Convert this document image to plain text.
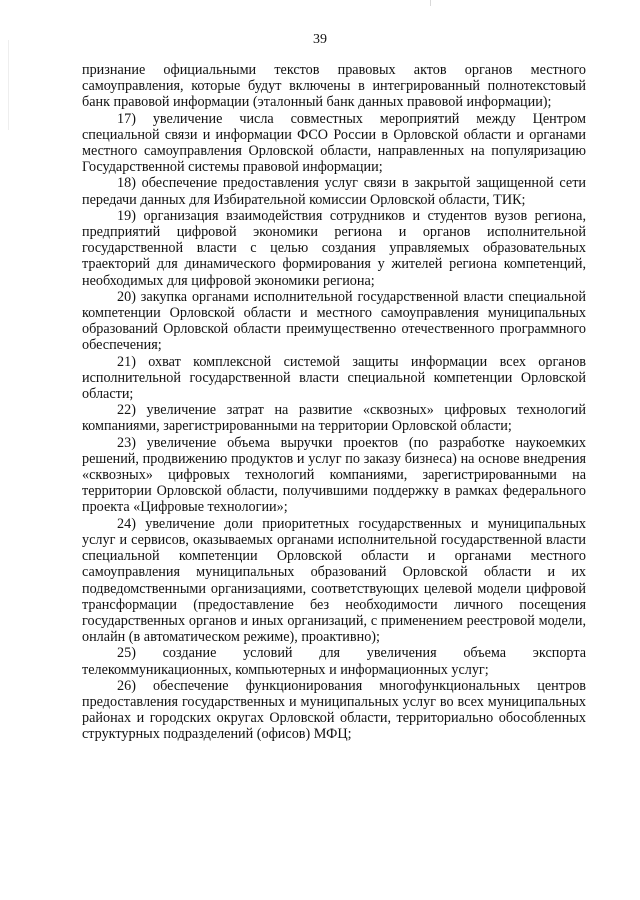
39

признание официальными текстов правовых актов органов местного самоуправления, которые будут включены в интегрированный полнотекстовый банк правовой информации (эталонный банк данных правовой информации);

17) увеличение числа совместных мероприятий между Центром специальной связи и информации ФСО России в Орловской области и органами местного самоуправления Орловской области, направленных на популяризацию Государственной системы правовой информации;

18) обеспечение предоставления услуг связи в закрытой защищенной сети передачи данных для Избирательной комиссии Орловской области, ТИК;

19) организация взаимодействия сотрудников и студентов вузов региона, предприятий цифровой экономики региона и органов исполнительной государственной власти с целью создания управляемых образовательных траекторий для динамического формирования у жителей региона компетенций, необходимых для цифровой экономики региона;

20) закупка органами исполнительной государственной власти специальной компетенции Орловской области и местного самоуправления муниципальных образований Орловской области преимущественно отечественного программного обеспечения;

21) охват комплексной системой защиты информации всех органов исполнительной государственной власти специальной компетенции Орловской области;

22) увеличение затрат на развитие «сквозных» цифровых технологий компаниями, зарегистрированными на территории Орловской области;

23) увеличение объема выручки проектов (по разработке наукоемких решений, продвижению продуктов и услуг по заказу бизнеса) на основе внедрения «сквозных» цифровых технологий компаниями, зарегистрированными на территории Орловской области, получившими поддержку в рамках федерального проекта «Цифровые технологии»;

24) увеличение доли приоритетных государственных и муниципальных услуг и сервисов, оказываемых органами исполнительной государственной власти специальной компетенции Орловской области и органами местного самоуправления муниципальных образований Орловской области и их подведомственными организациями, соответствующих целевой модели цифровой трансформации (предоставление без необходимости личного посещения государственных органов и иных организаций, с применением реестровой модели, онлайн (в автоматическом режиме), проактивно);

25) создание условий для увеличения объема экспорта телекоммуникационных, компьютерных и информационных услуг;

26) обеспечение функционирования многофункциональных центров предоставления государственных и муниципальных услуг во всех муниципальных районах и городских округах Орловской области, территориально обособленных структурных подразделений (офисов) МФЦ;
